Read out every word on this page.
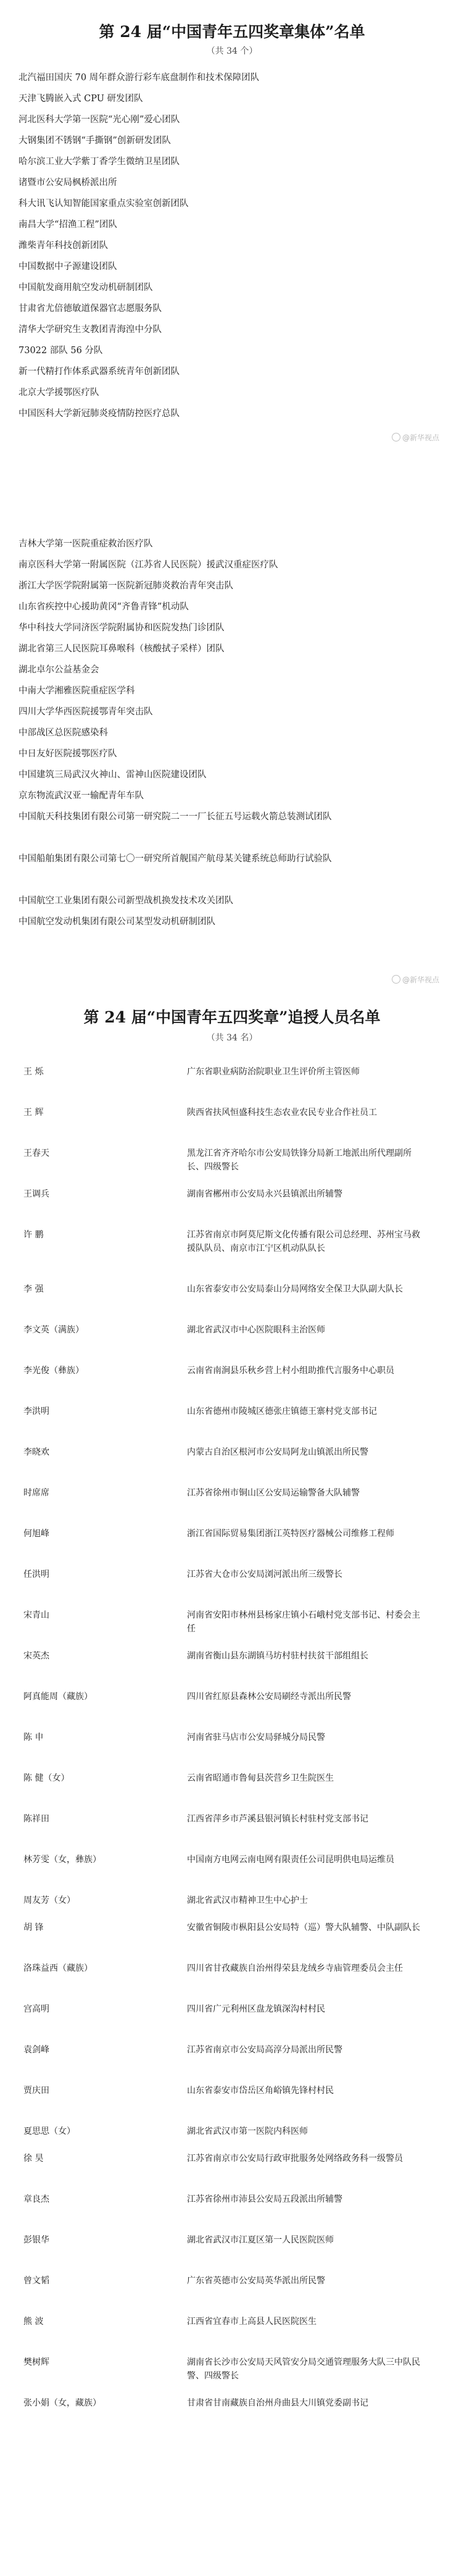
第 24 届“中国青年五四奖章集体”名单
（共 34 个）
北汽福田国庆 70 周年群众游行彩车底盘制作和技术保障团队
天津飞腾嵌入式 CPU 研发团队
河北医科大学第一医院“光心刚”爱心团队
大钢集团不锈钢“手撕钢”创新研发团队
哈尔滨工业大学紫丁香学生微纳卫星团队
诸暨市公安局枫桥派出所
科大讯飞认知智能国家重点实验室创新团队
南昌大学“招渔工程”团队
潍柴青年科技创新团队
中国数据中子源建设团队
中国航发商用航空发动机研制团队
甘肃省尤倍德敏道保器官志愿服务队
清华大学研究生支教团青海湟中分队
73022 部队 56 分队
新一代精打作体系武器系统青年创新团队
北京大学援鄂医疗队
中国医科大学新冠肺炎疫情防控医疗总队
@新华视点
吉林大学第一医院重症救治医疗队
南京医科大学第一附属医院（江苏省人民医院）援武汉重症医疗队
浙江大学医学院附属第一医院新冠肺炎救治青年突击队
山东省疾控中心援助黄冈“齐鲁青锋”机动队
华中科技大学同济医学院附属协和医院发热门诊团队
湖北省第三人民医院耳鼻喉科（核酸拭子采样）团队
湖北卓尔公益基金会
中南大学湘雅医院重症医学科
四川大学华西医院援鄂青年突击队
中部战区总医院感染科
中日友好医院援鄂医疗队
中国建筑三局武汉火神山、雷神山医院建设团队
京东物流武汉亚一输配青年车队
中国航天科技集团有限公司第一研究院二一一厂长征五号运载火箭总装测试团队
中国船舶集团有限公司第七〇一研究所首舰国产航母某关键系统总师助行试验队
中国航空工业集团有限公司新型战机换发技术攻关团队
中国航空发动机集团有限公司某型发动机研制团队
@新华视点
第 24 届“中国青年五四奖章”追授人员名单
（共 34 名）
王 烁	广东省职业病防治院职业卫生评价所主管医师
王 辉	陕西省扶风恒盛科技生态农业农民专业合作社员工
王春天	黑龙江省齐齐哈尔市公安局铁锋分局新工地派出所代理副所长、四级警长
王调兵	湖南省郴州市公安局永兴县镇派出所辅警
许 鹏	江苏省南京市阿莫尼斯文化传播有限公司总经理、苏州宝马救援队队员、南京市江宁区机动队队长
李 强	山东省泰安市公安局泰山分局网络安全保卫大队副大队长
李文英（满族）	湖北省武汉市中心医院眼科主治医师
李光俊（彝族）	云南省南涧县乐秋乡营上村小组助推代言服务中心职员
李洪明	山东省德州市陵城区德张庄镇德王寨村党支部书记
李晓欢	内蒙古自治区根河市公安局阿龙山镇派出所民警
时席席	江苏省徐州市铜山区公安局运输警备大队辅警
何旭峰	浙江省国际贸易集团浙江英特医疗器械公司维修工程师
任洪明	江苏省大仓市公安局浏河派出所三级警长
宋青山	河南省安阳市林州县杨家庄镇小石峨村党支部书记、村委会主任
宋英杰	湖南省衡山县东湖镇马坊村驻村扶贫干部组组长
阿真能周（藏族）	四川省红原县森林公安局刷经寺派出所民警
陈 申	河南省驻马店市公安局驿城分局民警
陈 健（女）	云南省昭通市鲁甸县茨营乡卫生院医生
陈祥田	江西省萍乡市芦溪县银河镇长村驻村党支部书记
林芳雯（女，彝族）	中国南方电网云南电网有限责任公司昆明供电局运维员
周友芳（女）	湖北省武汉市精神卫生中心护士
胡 锋	安徽省铜陵市枞阳县公安局特（巡）警大队辅警、中队副队长
洛珠益西（藏族）	四川省甘孜藏族自治州得荣县龙绒乡寺庙管理委员会主任
宫高明	四川省广元利州区盘龙镇深沟村村民
袁剑峰	江苏省南京市公安局高淳分局派出所民警
贾庆田	山东省泰安市岱岳区角峪镇先锋村村民
夏思思（女）	湖北省武汉市第一医院内科医师
徐 昊	江苏省南京市公安局行政审批服务处网络政务科一级警员
章良杰	江苏省徐州市沛县公安局五段派出所辅警
彭银华	湖北省武汉市江夏区第一人民医院医师
曾文韬	广东省英德市公安局英华派出所民警
熊 波	江西省宜春市上高县人民医院医生
樊树辉	湖南省长沙市公安局天风管安分局交通管理服务大队三中队民警、四级警长
张小娟（女，藏族）	甘肃省甘南藏族自治州舟曲县大川镇党委副书记
